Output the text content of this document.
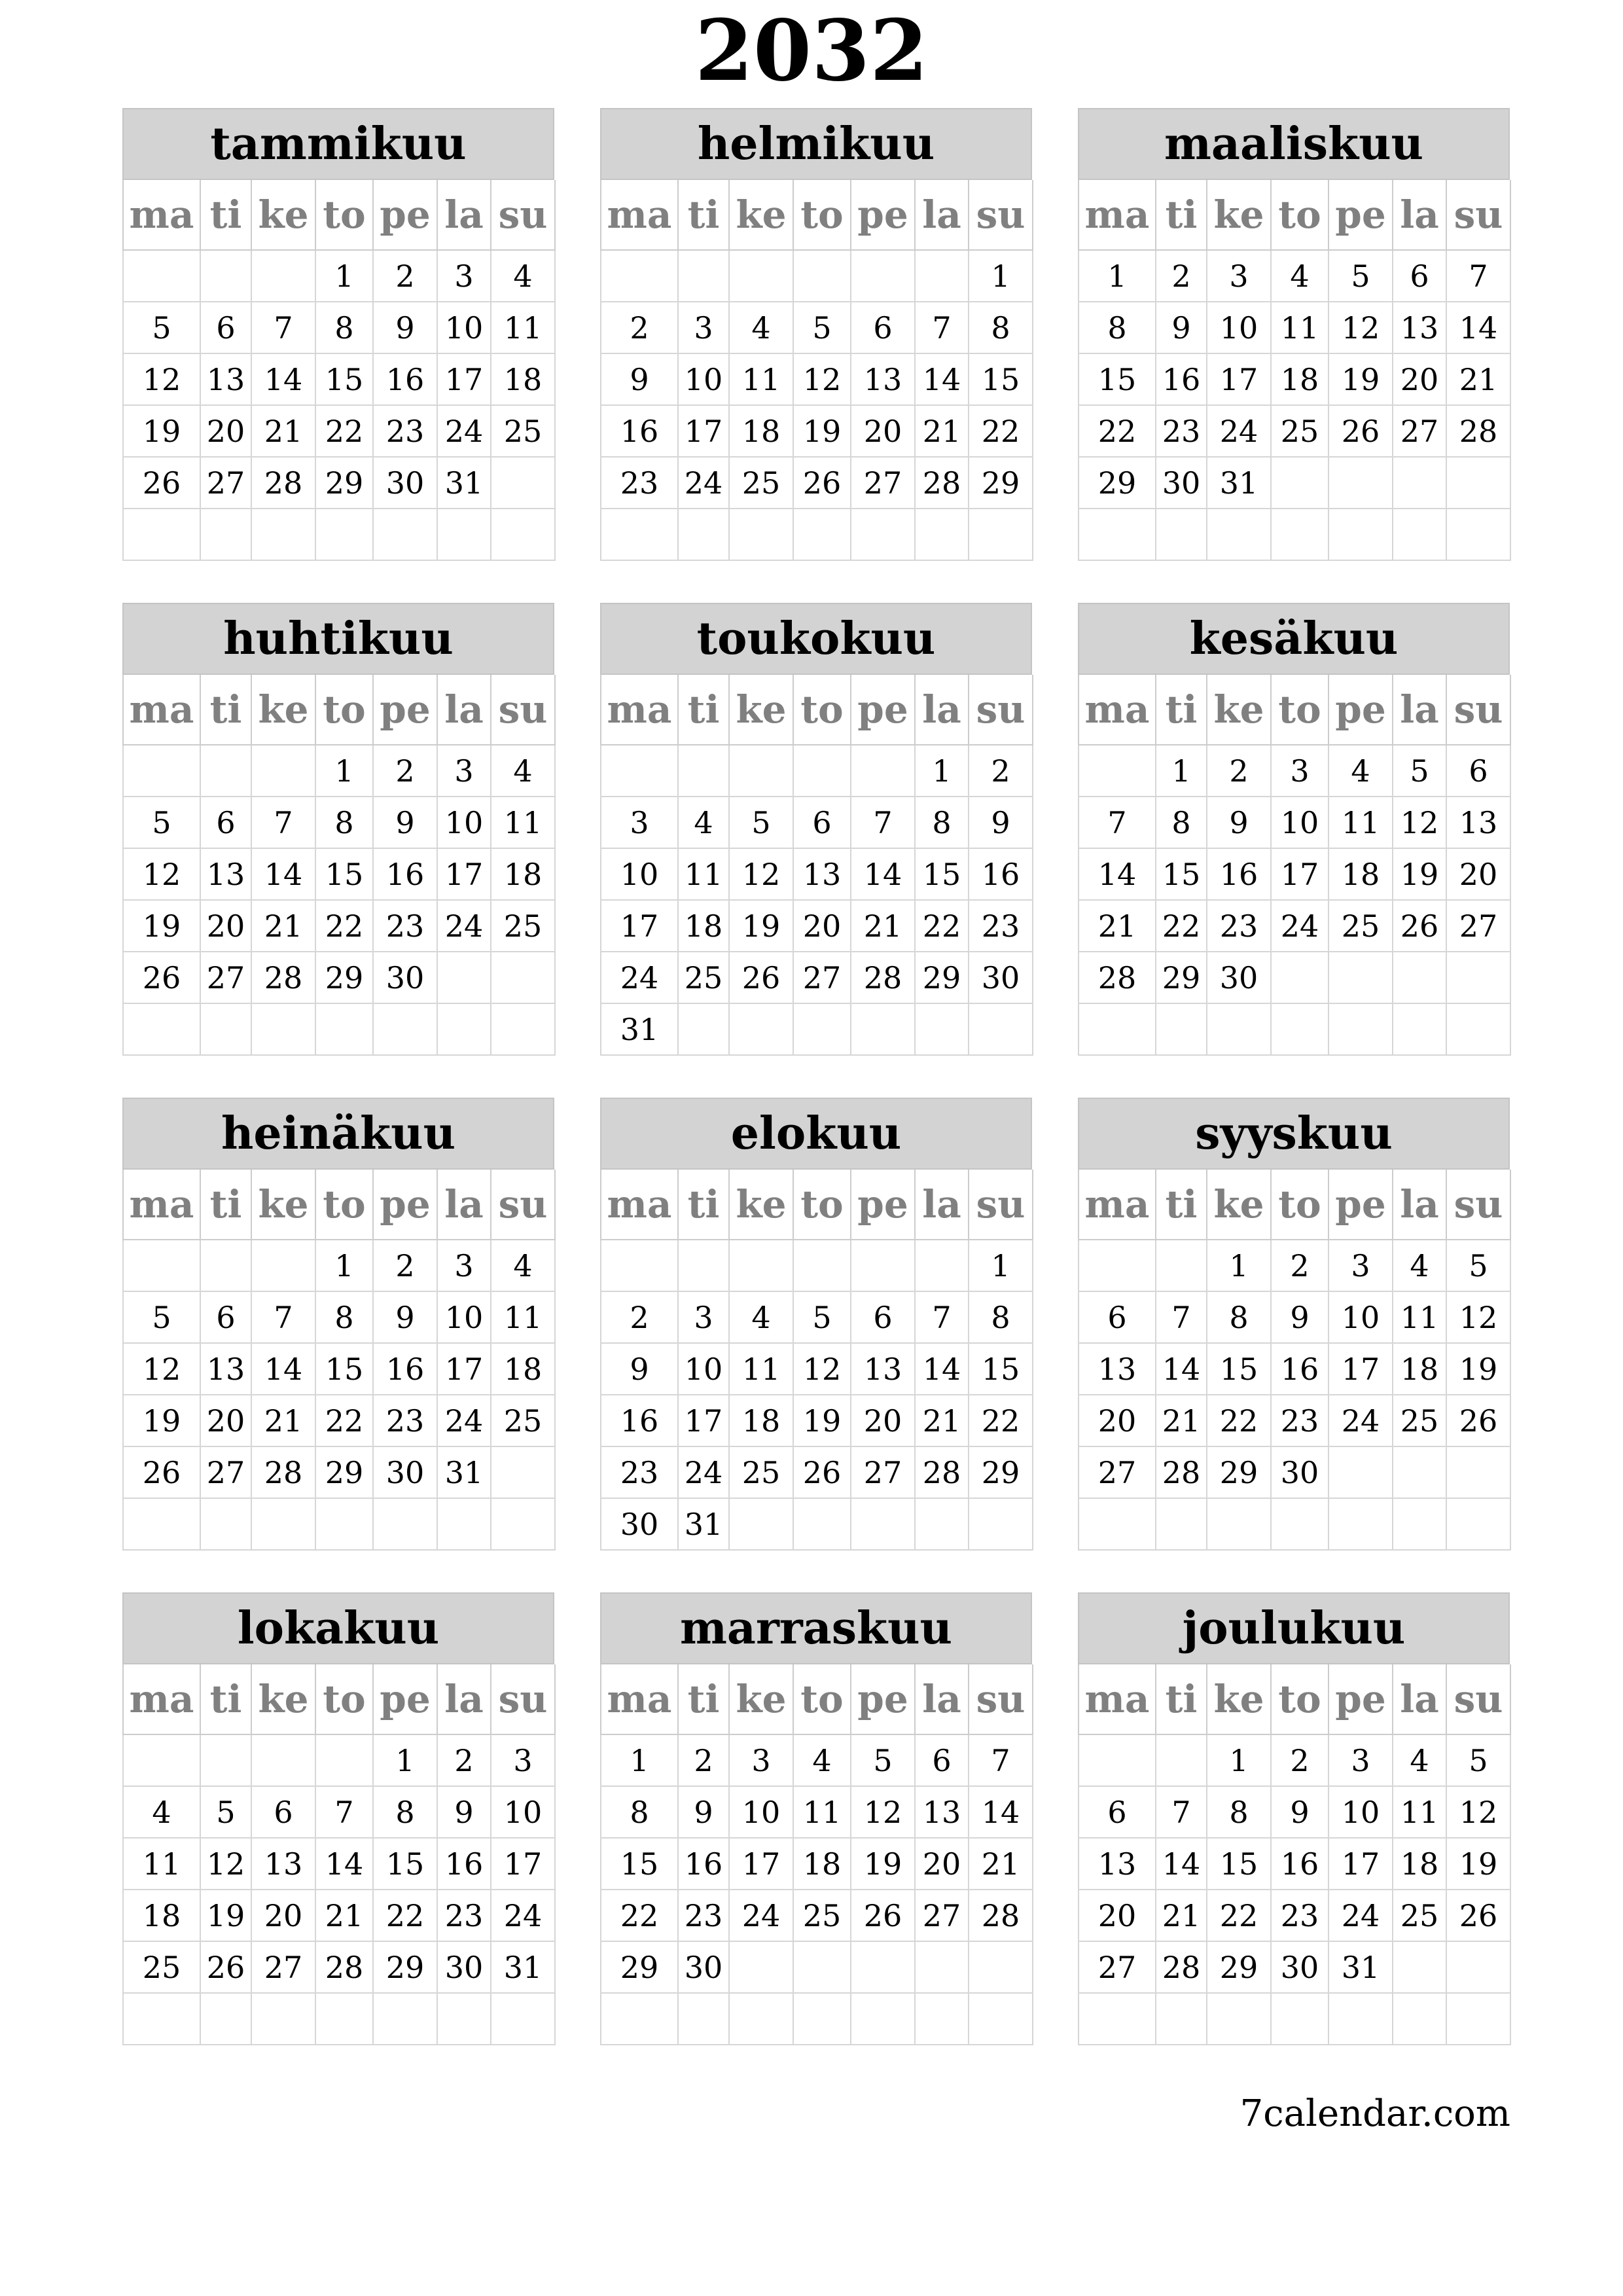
2032
tammikuu
ma	ti	ke	to	pe	la	su
			1	2	3	4
5	6	7	8	9	10	11
12	13	14	15	16	17	18
19	20	21	22	23	24	25
26	27	28	29	30	31	

helmikuu
ma	ti	ke	to	pe	la	su
						1
2	3	4	5	6	7	8
9	10	11	12	13	14	15
16	17	18	19	20	21	22
23	24	25	26	27	28	29

maaliskuu
ma	ti	ke	to	pe	la	su
1	2	3	4	5	6	7
8	9	10	11	12	13	14
15	16	17	18	19	20	21
22	23	24	25	26	27	28
29	30	31				

huhtikuu
ma	ti	ke	to	pe	la	su
			1	2	3	4
5	6	7	8	9	10	11
12	13	14	15	16	17	18
19	20	21	22	23	24	25
26	27	28	29	30		

toukokuu
ma	ti	ke	to	pe	la	su
					1	2
3	4	5	6	7	8	9
10	11	12	13	14	15	16
17	18	19	20	21	22	23
24	25	26	27	28	29	30
31						
kesäkuu
ma	ti	ke	to	pe	la	su
	1	2	3	4	5	6
7	8	9	10	11	12	13
14	15	16	17	18	19	20
21	22	23	24	25	26	27
28	29	30				

heinäkuu
ma	ti	ke	to	pe	la	su
			1	2	3	4
5	6	7	8	9	10	11
12	13	14	15	16	17	18
19	20	21	22	23	24	25
26	27	28	29	30	31	

elokuu
ma	ti	ke	to	pe	la	su
						1
2	3	4	5	6	7	8
9	10	11	12	13	14	15
16	17	18	19	20	21	22
23	24	25	26	27	28	29
30	31					
syyskuu
ma	ti	ke	to	pe	la	su
		1	2	3	4	5
6	7	8	9	10	11	12
13	14	15	16	17	18	19
20	21	22	23	24	25	26
27	28	29	30			

lokakuu
ma	ti	ke	to	pe	la	su
				1	2	3
4	5	6	7	8	9	10
11	12	13	14	15	16	17
18	19	20	21	22	23	24
25	26	27	28	29	30	31

marraskuu
ma	ti	ke	to	pe	la	su
1	2	3	4	5	6	7
8	9	10	11	12	13	14
15	16	17	18	19	20	21
22	23	24	25	26	27	28
29	30					

joulukuu
ma	ti	ke	to	pe	la	su
		1	2	3	4	5
6	7	8	9	10	11	12
13	14	15	16	17	18	19
20	21	22	23	24	25	26
27	28	29	30	31		

7calendar.com
